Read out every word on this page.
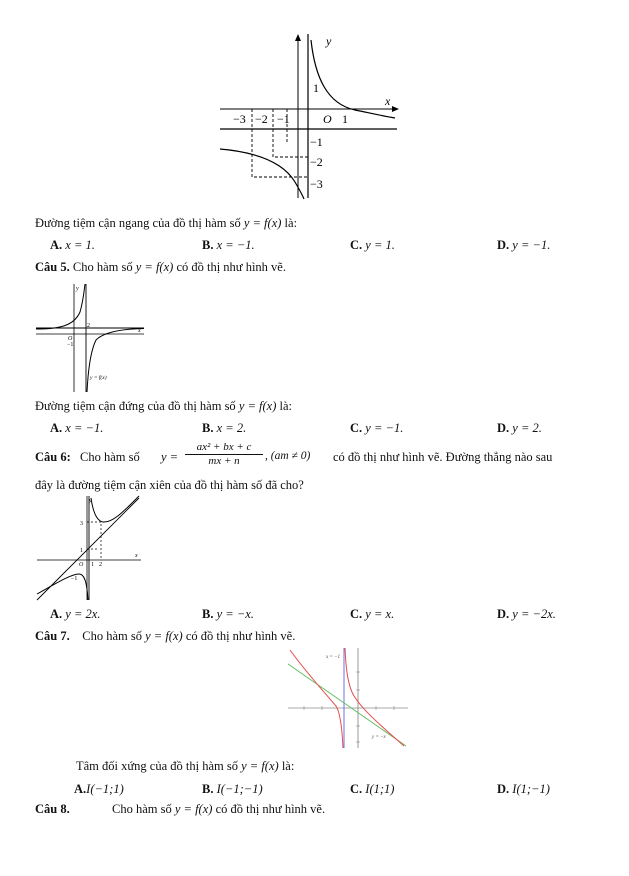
y
x
1
O 1
−3 −2 −1
−1
−2
−3
Đường tiệm cận ngang của đồ thị hàm số y = f(x) là:
A. x = 1.	B. x = −1.	C. y = 1.	D. y = −1.
Câu 5. Cho hàm số y = f(x) có đồ thị như hình vẽ.
y
x
2
O
−1
y = f(x)
Đường tiệm cận đứng của đồ thị hàm số y = f(x) là:
A. x = −1.	B. x = 2.	C. y = −1.	D. y = 2.
Câu 6: Cho hàm số y =
ax² + bx + c
mx + n	, (am ≠ 0) có đồ thị như hình vẽ. Đường thẳng nào sau
đây là đường tiệm cận xiên của đồ thị hàm số đã cho?
y
x
3
1
O 1 2
−1
A. y = 2x.	B. y = −x.	C. y = x.	D. y = −2x.
Câu 7. Cho hàm số y = f(x) có đồ thị như hình vẽ.
x = −1
y = −x
Tâm đối xứng của đồ thị hàm số y = f(x) là:
A.I(−1;1)	B. I(−1;−1)	C. I(1;1)	D. I(1;−1)
Câu 8.	Cho hàm số y = f(x) có đồ thị như hình vẽ.
